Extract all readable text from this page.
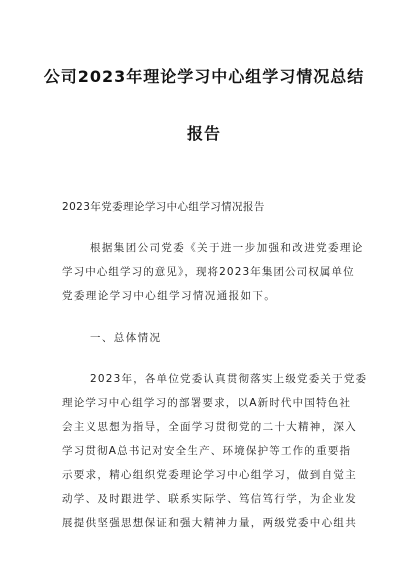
公司2023年理论学习中心组学习情况总结
报告
2023年党委理论学习中心组学习情况报告
根据集团公司党委《关于进一步加强和改进党委理论
学习中心组学习的意见》，现将2023年集团公司权属单位
党委理论学习中心组学习情况通报如下。
一、总体情况
2023年，各单位党委认真贯彻落实上级党委关于党委
理论学习中心组学习的部署要求，以A新时代中国特色社
会主义思想为指导，全面学习贯彻党的二十大精神，深入
学习贯彻A总书记对安全生产、环境保护等工作的重要指
示要求，精心组织党委理论学习中心组学习，做到自觉主
动学、及时跟进学、联系实际学、笃信笃行学，为企业发
展提供坚强思想保证和强大精神力量，两级党委中心组共
